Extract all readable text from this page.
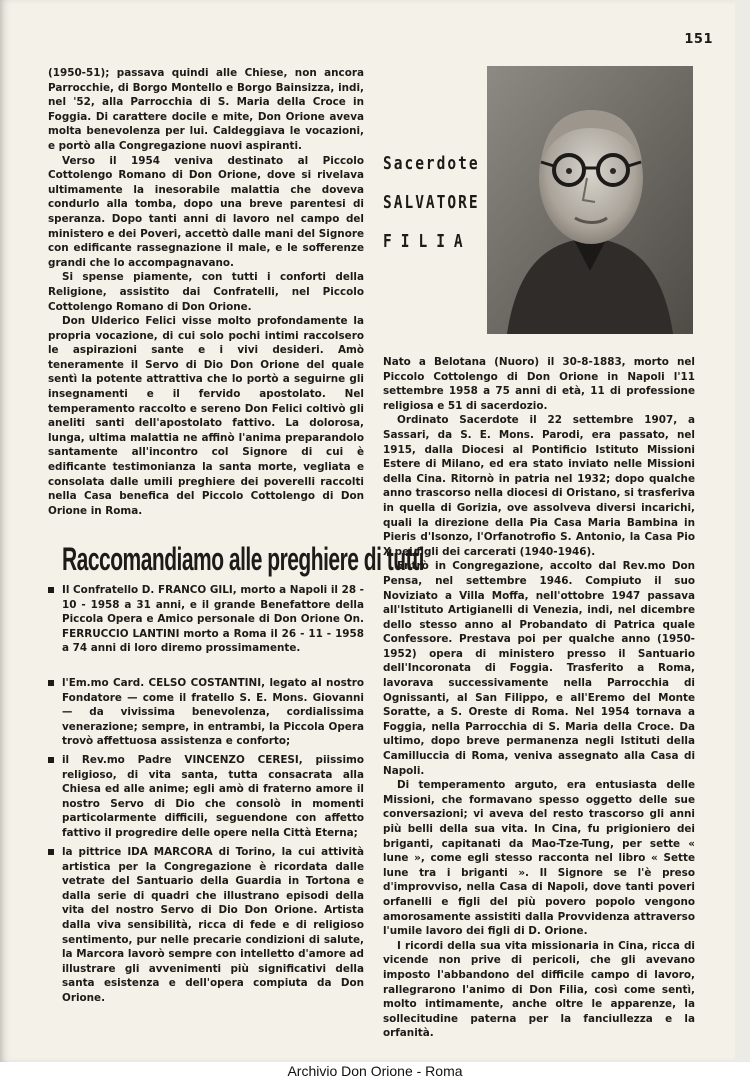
151

(1950-51); passava quindi alle Chiese, non ancora Parrocchie, di Borgo Montello e Borgo Bainsizza, indi, nel '52, alla Parrocchia di S. Maria della Croce in Foggia. Di carattere docile e mite, Don Orione aveva molta benevolenza per lui. Caldeggiava le vocazioni, e portò alla Congregazione nuovi aspiranti.

Verso il 1954 veniva destinato al Piccolo Cottolengo Romano di Don Orione, dove si rivelava ultimamente la inesorabile malattia che doveva condurlo alla tomba, dopo una breve parentesi di speranza. Dopo tanti anni di lavoro nel campo del ministero e dei Poveri, accettò dalle mani del Signore con edificante rassegnazione il male, e le sofferenze grandi che lo accompagnavano.

Si spense piamente, con tutti i conforti della Religione, assistito dai Confratelli, nel Piccolo Cottolengo Romano di Don Orione.

Don Ulderico Felici visse molto profondamente la propria vocazione, di cui solo pochi intimi raccolsero le aspirazioni sante e i vivi desideri. Amò teneramente il Servo di Dio Don Orione del quale sentì la potente attrattiva che lo portò a seguirne gli insegnamenti e il fervido apostolato. Nel temperamento raccolto e sereno Don Felici coltivò gli aneliti santi dell'apostolato fattivo. La dolorosa, lunga, ultima malattia ne affinò l'anima preparandolo santamente all'incontro col Signore di cui è edificante testimonianza la santa morte, vegliata e consolata dalle umili preghiere dei poverelli raccolti nella Casa benefica del Piccolo Cottolengo di Don Orione in Roma.

Sacerdote
SALVATORE
FILIA

Nato a Belotana (Nuoro) il 30-8-1883, morto nel Piccolo Cottolengo di Don Orione in Napoli l'11 settembre 1958 a 75 anni di età, 11 di professione religiosa e 51 di sacerdozio.

Ordinato Sacerdote il 22 settembre 1907, a Sassari, da S. E. Mons. Parodi, era passato, nel 1915, dalla Diocesi al Pontificio Istituto Missioni Estere di Milano, ed era stato inviato nelle Missioni della Cina. Ritornò in patria nel 1932; dopo qualche anno trascorso nella diocesi di Oristano, si trasferiva in quella di Gorizia, ove assolveva diversi incarichi, quali la direzione della Pia Casa Maria Bambina in Pieris d'Isonzo, l'Orfanotrofio S. Antonio, la Casa Pio X pei figli dei carcerati (1940-1946).

Entrò in Congregazione, accolto dal Rev.mo Don Pensa, nel settembre 1946. Compiuto il suo Noviziato a Villa Moffa, nell'ottobre 1947 passava all'Istituto Artigianelli di Venezia, indi, nel dicembre dello stesso anno al Probandato di Patrica quale Confessore. Prestava poi per qualche anno (1950-1952) opera di ministero presso il Santuario dell'Incoronata di Foggia. Trasferito a Roma, lavorava successivamente nella Parrocchia di Ognissanti, al San Filippo, e all'Eremo del Monte Soratte, a S. Oreste di Roma. Nel 1954 tornava a Foggia, nella Parrocchia di S. Maria della Croce. Da ultimo, dopo breve permanenza negli Istituti della Camilluccia di Roma, veniva assegnato alla Casa di Napoli.

Di temperamento arguto, era entusiasta delle Missioni, che formavano spesso oggetto delle sue conversazioni; vi aveva del resto trascorso gli anni più belli della sua vita. In Cina, fu prigioniero dei briganti, capitanati da Mao-Tze-Tung, per sette « lune », come egli stesso racconta nel libro « Sette lune tra i briganti ». Il Signore se l'è preso d'improvviso, nella Casa di Napoli, dove tanti poveri orfanelli e figli del più povero popolo vengono amorosamente assistiti dalla Provvidenza attraverso l'umile lavoro dei figli di D. Orione.

I ricordi della sua vita missionaria in Cina, ricca di vicende non prive di pericoli, che gli avevano imposto l'abbandono del difficile campo di lavoro, rallegrarono l'animo di Don Filia, così come sentì, molto intimamente, anche oltre le apparenze, la sollecitudine paterna per la fanciullezza e la orfanità.

Raccomandiamo alle preghiere di tutti
Il Confratello D. FRANCO GILI, morto a Napoli il 28 - 10 - 1958 a 31 anni, e il grande Benefattore della Piccola Opera e Amico personale di Don Orione On. FERRUCCIO LANTINI morto a Roma il 26 - 11 - 1958 a 74 anni di loro diremo prossimamente.
l'Em.mo Card. CELSO COSTANTINI, legato al nostro Fondatore — come il fratello S. E. Mons. Giovanni — da vivissima benevolenza, cordialissima venerazione; sempre, in entrambi, la Piccola Opera trovò affettuosa assistenza e conforto;
il Rev.mo Padre VINCENZO CERESI, piissimo religioso, di vita santa, tutta consacrata alla Chiesa ed alle anime; egli amò di fraterno amore il nostro Servo di Dio che consolò in momenti particolarmente difficili, seguendone con affetto fattivo il progredire delle opere nella Città Eterna;
la pittrice IDA MARCORA di Torino, la cui attività artistica per la Congregazione è ricordata dalle vetrate del Santuario della Guardia in Tortona e dalla serie di quadri che illustrano episodi della vita del nostro Servo di Dio Don Orione. Artista dalla viva sensibilità, ricca di fede e di religioso sentimento, pur nelle precarie condizioni di salute, la Marcora lavorò sempre con intelletto d'amore ad illustrare gli avvenimenti più significativi della santa esistenza e dell'opera compiuta da Don Orione.
Archivio Don Orione - Roma
